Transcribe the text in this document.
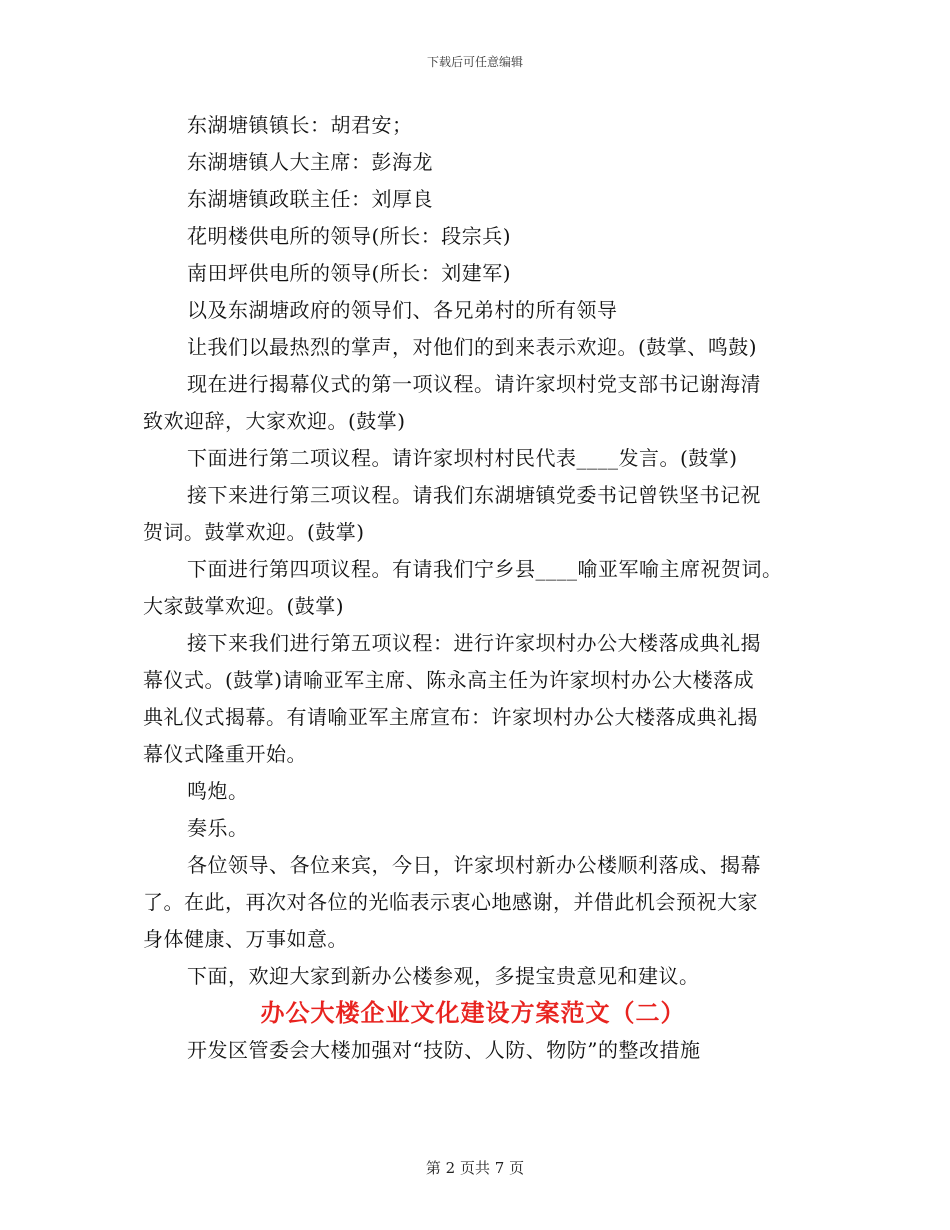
下载后可任意编辑
东湖塘镇镇长：胡君安；
东湖塘镇人大主席：彭海龙
东湖塘镇政联主任：刘厚良
花明楼供电所的领导(所长：段宗兵)
南田坪供电所的领导(所长：刘建军)
以及东湖塘政府的领导们、各兄弟村的所有领导
让我们以最热烈的掌声，对他们的到来表示欢迎。(鼓掌、鸣鼓)
现在进行揭幕仪式的第一项议程。请许家坝村党支部书记谢海清
致欢迎辞，大家欢迎。(鼓掌)
下面进行第二项议程。请许家坝村村民代表____发言。(鼓掌)
接下来进行第三项议程。请我们东湖塘镇党委书记曾铁坚书记祝
贺词。鼓掌欢迎。(鼓掌)
下面进行第四项议程。有请我们宁乡县____喻亚军喻主席祝贺词。
大家鼓掌欢迎。(鼓掌)
接下来我们进行第五项议程：进行许家坝村办公大楼落成典礼揭
幕仪式。(鼓掌)请喻亚军主席、陈永高主任为许家坝村办公大楼落成
典礼仪式揭幕。有请喻亚军主席宣布：许家坝村办公大楼落成典礼揭
幕仪式隆重开始。
鸣炮。
奏乐。
各位领导、各位来宾，今日，许家坝村新办公楼顺利落成、揭幕
了。在此，再次对各位的光临表示衷心地感谢，并借此机会预祝大家
身体健康、万事如意。
下面，欢迎大家到新办公楼参观，多提宝贵意见和建议。
办公大楼企业文化建设方案范文（二）
开发区管委会大楼加强对“技防、人防、物防”的整改措施
第 2 页共 7 页
